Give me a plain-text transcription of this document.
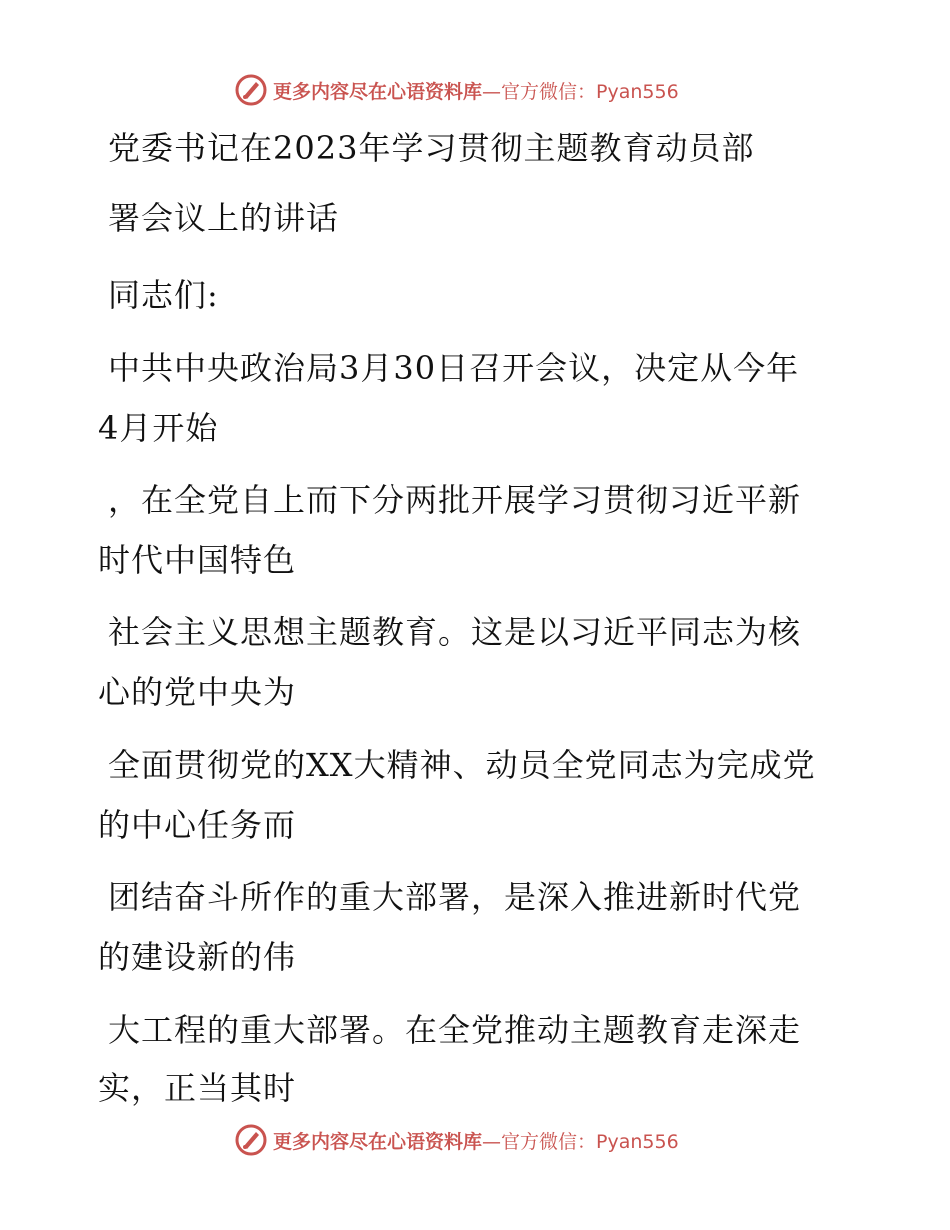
更多内容尽在心语资料库—官方微信：Pyan556
党委书记在2023年学习贯彻主题教育动员部
署会议上的讲话
同志们:
中共中央政治局3月30日召开会议，决定从今年
4月开始
，在全党自上而下分两批开展学习贯彻习近平新
时代中国特色
社会主义思想主题教育。这是以习近平同志为核
心的党中央为
全面贯彻党的XX大精神、动员全党同志为完成党
的中心任务而
团结奋斗所作的重大部署，是深入推进新时代党
的建设新的伟
大工程的重大部署。在全党推动主题教育走深走
实，正当其时
更多内容尽在心语资料库—官方微信：Pyan556
